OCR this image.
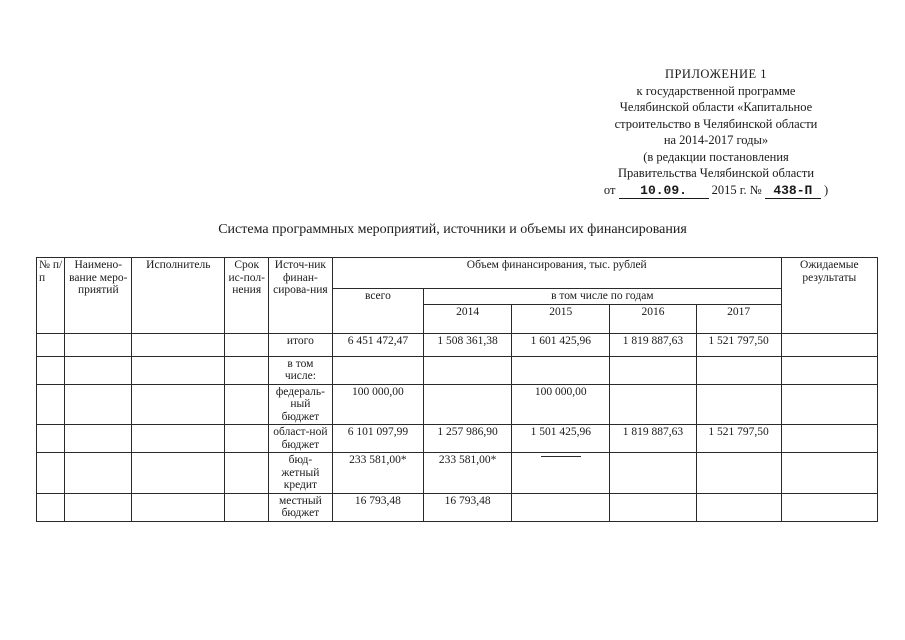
ПРИЛОЖЕНИЕ 1
к государственной программе
Челябинской области «Капитальное
строительство в Челябинской области
на 2014-2017 годы»
(в редакции постановления
Правительства Челябинской области
от 10.09. 2015 г. № 438-П )
Система программных мероприятий, источники и объемы их финансирования
№ п/п	Наимено-вание меро-приятий	Исполнитель	Срок ис-пол-нения	Источ-ник финан-сирова-ния	Объем финансирования, тыс. рублей					Ожидаемые результаты
					всего	в том числе по годам				
						2014	2015	2016	2017	
				итого	6 451 472,47	1 508 361,38	1 601 425,96	1 819 887,63	1 521 797,50	
				в том числе:						
				федераль-ный бюджет	100 000,00		100 000,00			
				област-ной бюджет	6 101 097,99	1 257 986,90	1 501 425,96	1 819 887,63	1 521 797,50	
				бюд-жетный кредит	233 581,00*	233 581,00*	

				местный бюджет	16 793,48	16 793,48				
